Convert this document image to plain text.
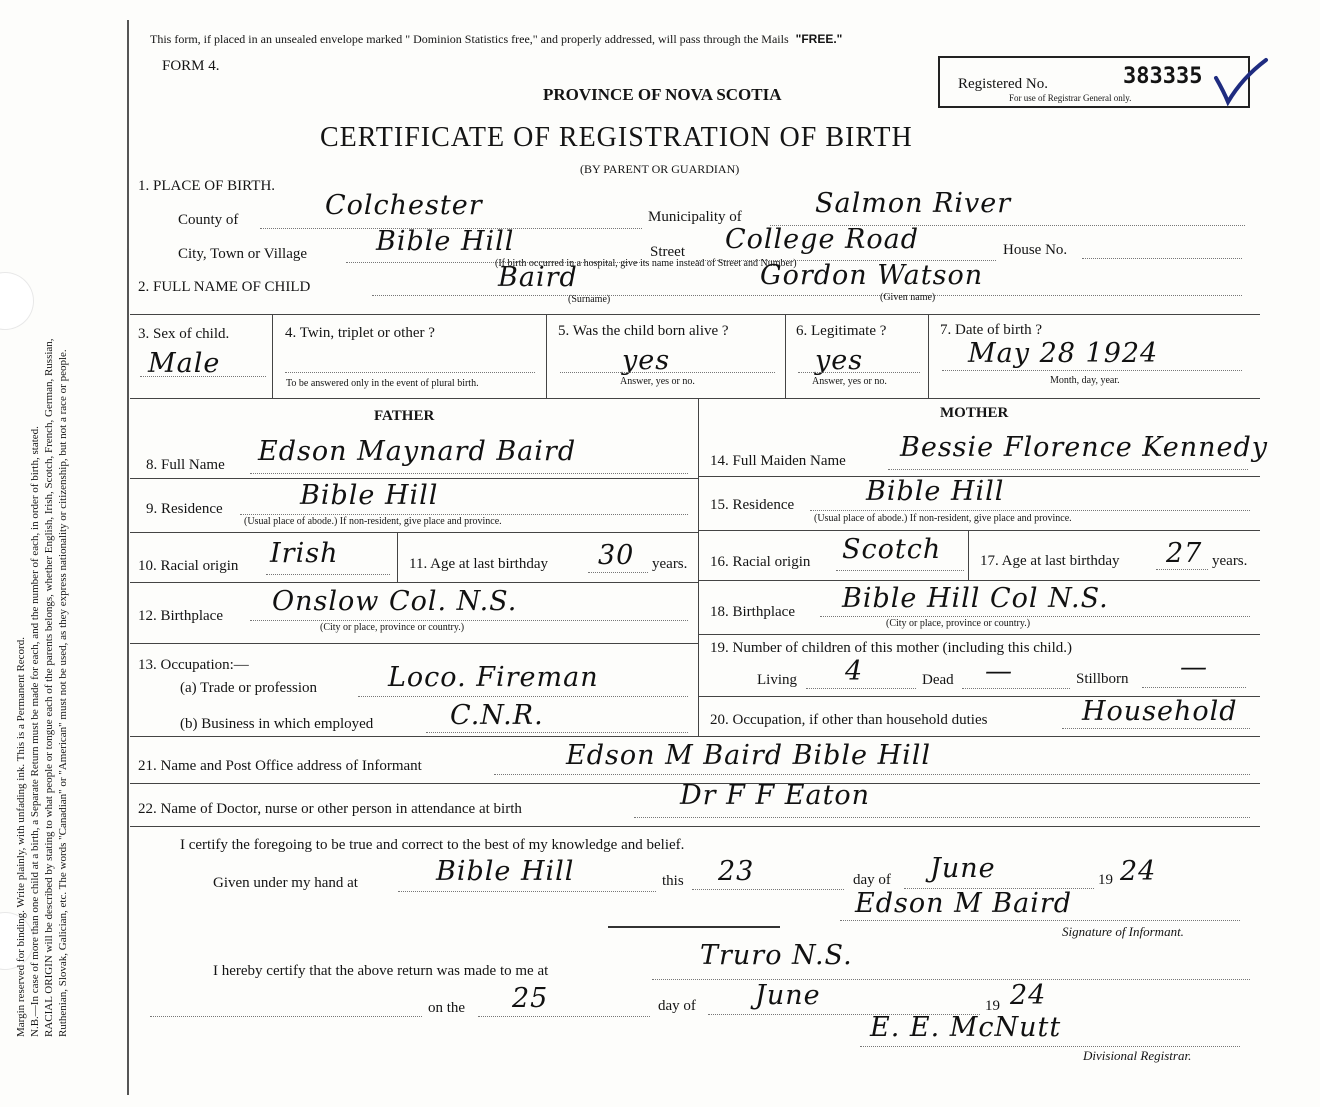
Margin reserved for binding. Write plainly, with unfading ink. This is a Permanent Record. N.B.—In case of more than one child at a birth, a Separate Return must be made for each, and the number of each, in order of birth, stated. RACIAL ORIGIN will be described by stating to what people or tongue each of the parents belongs, whether English, Irish, Scotch, French, German, Russian, Ruthenian, Slovak, Galician, etc. The words "Canadian" or "American" must not be used, as they express nationality or citizenship, but not a race or people.
This form, if placed in an unsealed envelope marked " Dominion Statistics free," and properly addressed, will pass through the Mails "FREE."
FORM 4.
PROVINCE OF NOVA SCOTIA
CERTIFICATE OF REGISTRATION OF BIRTH
(BY PARENT OR GUARDIAN)
Registered No.	383335
For use of Registrar General only.
1. PLACE OF BIRTH.
County of	Colchester	Municipality of	Salmon River
City, Town or Village	Bible Hill	Street College Road	House No.
(If birth occurred in a hospital, give its name instead of Street and Number)
2. FULL NAME OF CHILD	Baird
(Surname)
Gordon Watson
(Given name)
3. Sex of child.
Male
4. Twin, triplet or other ?
To be answered only in the event of plural birth.
5. Was the child born alive ?
yes
Answer, yes or no.
6. Legitimate ?
yes
Answer, yes or no.
7. Date of birth ?
May 28 1924
Month, day, year.
FATHER	MOTHER
8. Full Name Edson Maynard Baird
9. Residence	Bible Hill
(Usual place of abode.) If non-resident, give place and province.
10. Racial origin Irish	11. Age at last birthday 30 years.
12. Birthplace Onslow Col. N.S.
(City or place, province or country.)
13. Occupation:—
(a) Trade or profession	Loco. Fireman
(b) Business in which employed	C.N.R.
14. Full Maiden Name Bessie Florence Kennedy
15. Residence	Bible Hill
(Usual place of abode.) If non-resident, give place and province.
16. Racial origin Scotch	17. Age at last birthday 27 years.
18. Birthplace Bible Hill Col N.S.
(City or place, province or country.)
19. Number of children of this mother (including this child.)
Living 4	Dead —	Stillborn —
20. Occupation, if other than household duties	Household
21. Name and Post Office address of Informant	Edson M Baird Bible Hill
22. Name of Doctor, nurse or other person in attendance at birth	Dr F F Eaton
I certify the foregoing to be true and correct to the best of my knowledge and belief.
Given under my hand at	Bible Hill	this 23	day of June	19 24
Edson M Baird
Signature of Informant.
I hereby certify that the above return was made to me at	Truro N.S.
on the 25	day of June	19 24
E. E. McNutt
Divisional Registrar.
